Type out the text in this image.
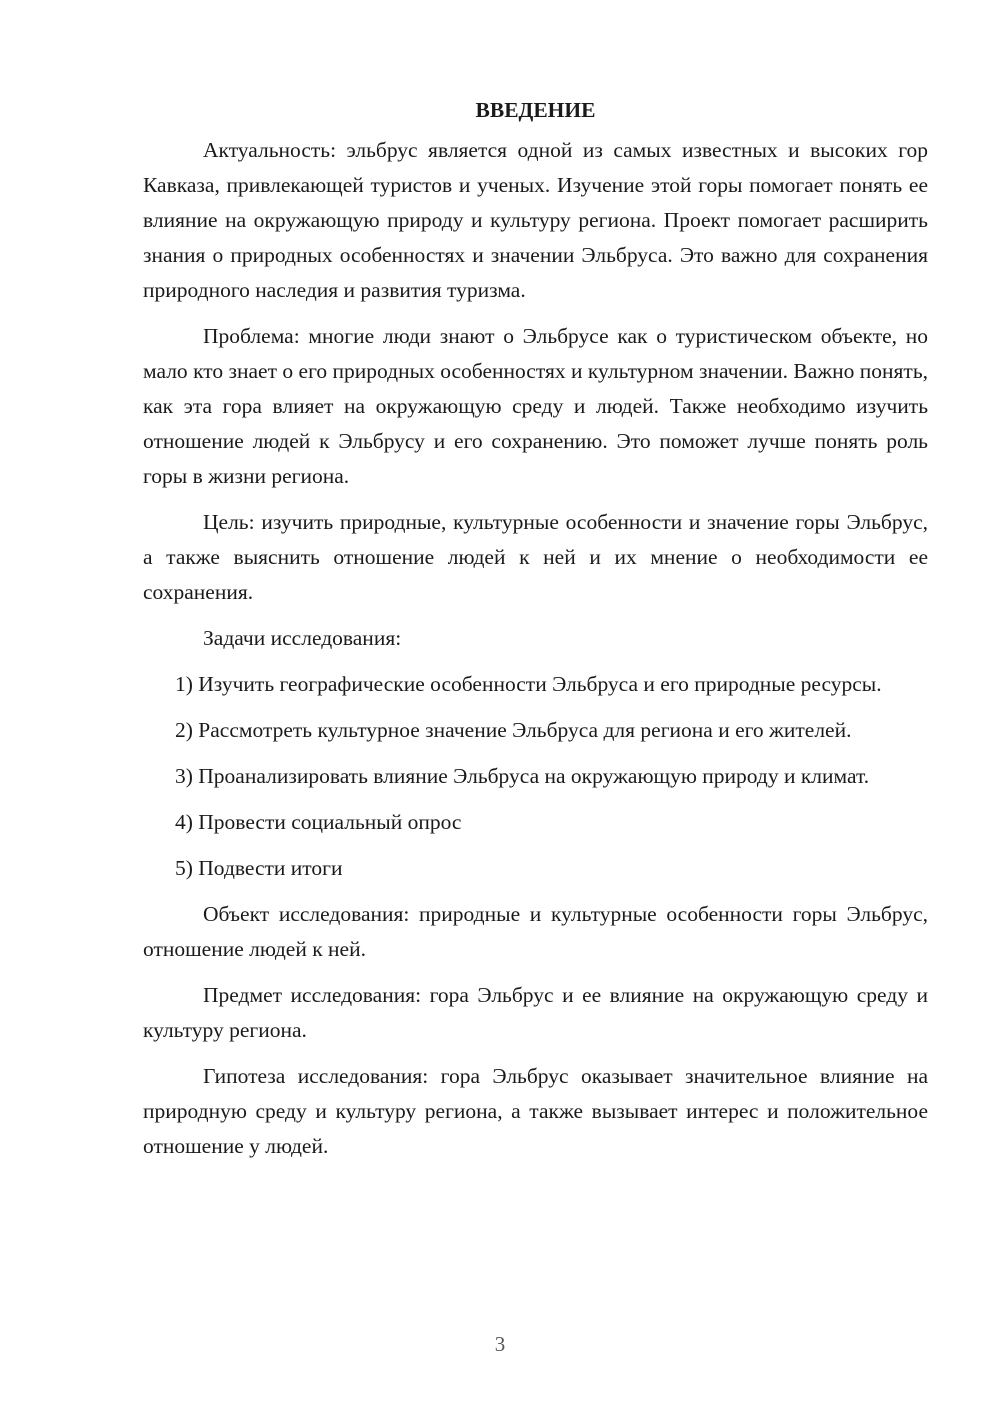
ВВЕДЕНИЕ

Актуальность: эльбрус является одной из самых известных и высоких гор Кавказа, привлекающей туристов и ученых. Изучение этой горы помогает понять ее влияние на окружающую природу и культуру региона. Проект помогает расширить знания о природных особенностях и значении Эльбруса. Это важно для сохранения природного наследия и развития туризма.

Проблема: многие люди знают о Эльбрусе как о туристическом объекте, но мало кто знает о его природных особенностях и культурном значении. Важно понять, как эта гора влияет на окружающую среду и людей. Также необходимо изучить отношение людей к Эльбрусу и его сохранению. Это поможет лучше понять роль горы в жизни региона.

Цель: изучить природные, культурные особенности и значение горы Эльбрус, а также выяснить отношение людей к ней и их мнение о необходимости ее сохранения.

Задачи исследования:

1) Изучить географические особенности Эльбруса и его природные ресурсы.

2) Рассмотреть культурное значение Эльбруса для региона и его жителей.

3) Проанализировать влияние Эльбруса на окружающую природу и климат.

4) Провести социальный опрос

5) Подвести итоги

Объект исследования: природные и культурные особенности горы Эльбрус, отношение людей к ней.

Предмет исследования: гора Эльбрус и ее влияние на окружающую среду и культуру региона.

Гипотеза исследования: гора Эльбрус оказывает значительное влияние на природную среду и культуру региона, а также вызывает интерес и положительное отношение у людей.

3
